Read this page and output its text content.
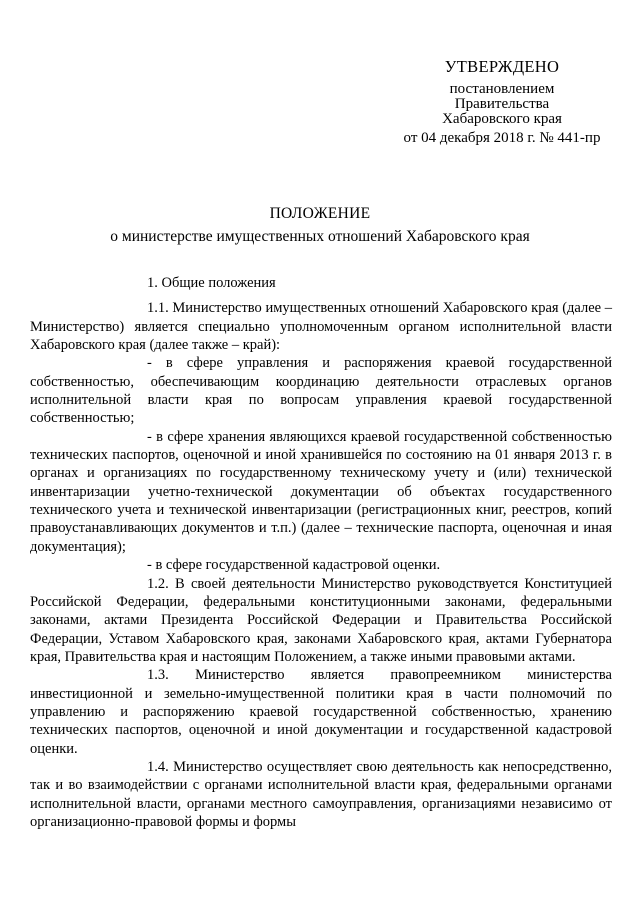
УТВЕРЖДЕНО
постановлением
Правительства
Хабаровского края
от 04 декабря 2018 г. № 441-пр
ПОЛОЖЕНИЕ
о министерстве имущественных отношений Хабаровского края

1. Общие положения

1.1. Министерство имущественных отношений Хабаровского края (далее – Министерство) является специально уполномоченным органом исполнительной власти Хабаровского края (далее также – край):

- в сфере управления и распоряжения краевой государственной собственностью, обеспечивающим координацию деятельности отраслевых органов исполнительной власти края по вопросам управления краевой государственной собственностью;

- в сфере хранения являющихся краевой государственной собственностью технических паспортов, оценочной и иной хранившейся по состоянию на 01 января 2013 г. в органах и организациях по государственному техническому учету и (или) технической инвентаризации учетно-технической документации об объектах государственного технического учета и технической инвентаризации (регистрационных книг, реестров, копий правоустанавливающих документов и т.п.) (далее – технические паспорта, оценочная и иная документация);

- в сфере государственной кадастровой оценки.

1.2. В своей деятельности Министерство руководствуется Конституцией Российской Федерации, федеральными конституционными законами, федеральными законами, актами Президента Российской Федерации и Правительства Российской Федерации, Уставом Хабаровского края, законами Хабаровского края, актами Губернатора края, Правительства края и настоящим Положением, а также иными правовыми актами.

1.3. Министерство является правопреемником министерства инвестиционной и земельно-имущественной политики края в части полномочий по управлению и распоряжению краевой государственной собственностью, хранению технических паспортов, оценочной и иной документации и государственной кадастровой оценки.

1.4. Министерство осуществляет свою деятельность как непосредственно, так и во взаимодействии с органами исполнительной власти края, федеральными органами исполнительной власти, органами местного самоуправления, организациями независимо от организационно-правовой формы и формы
